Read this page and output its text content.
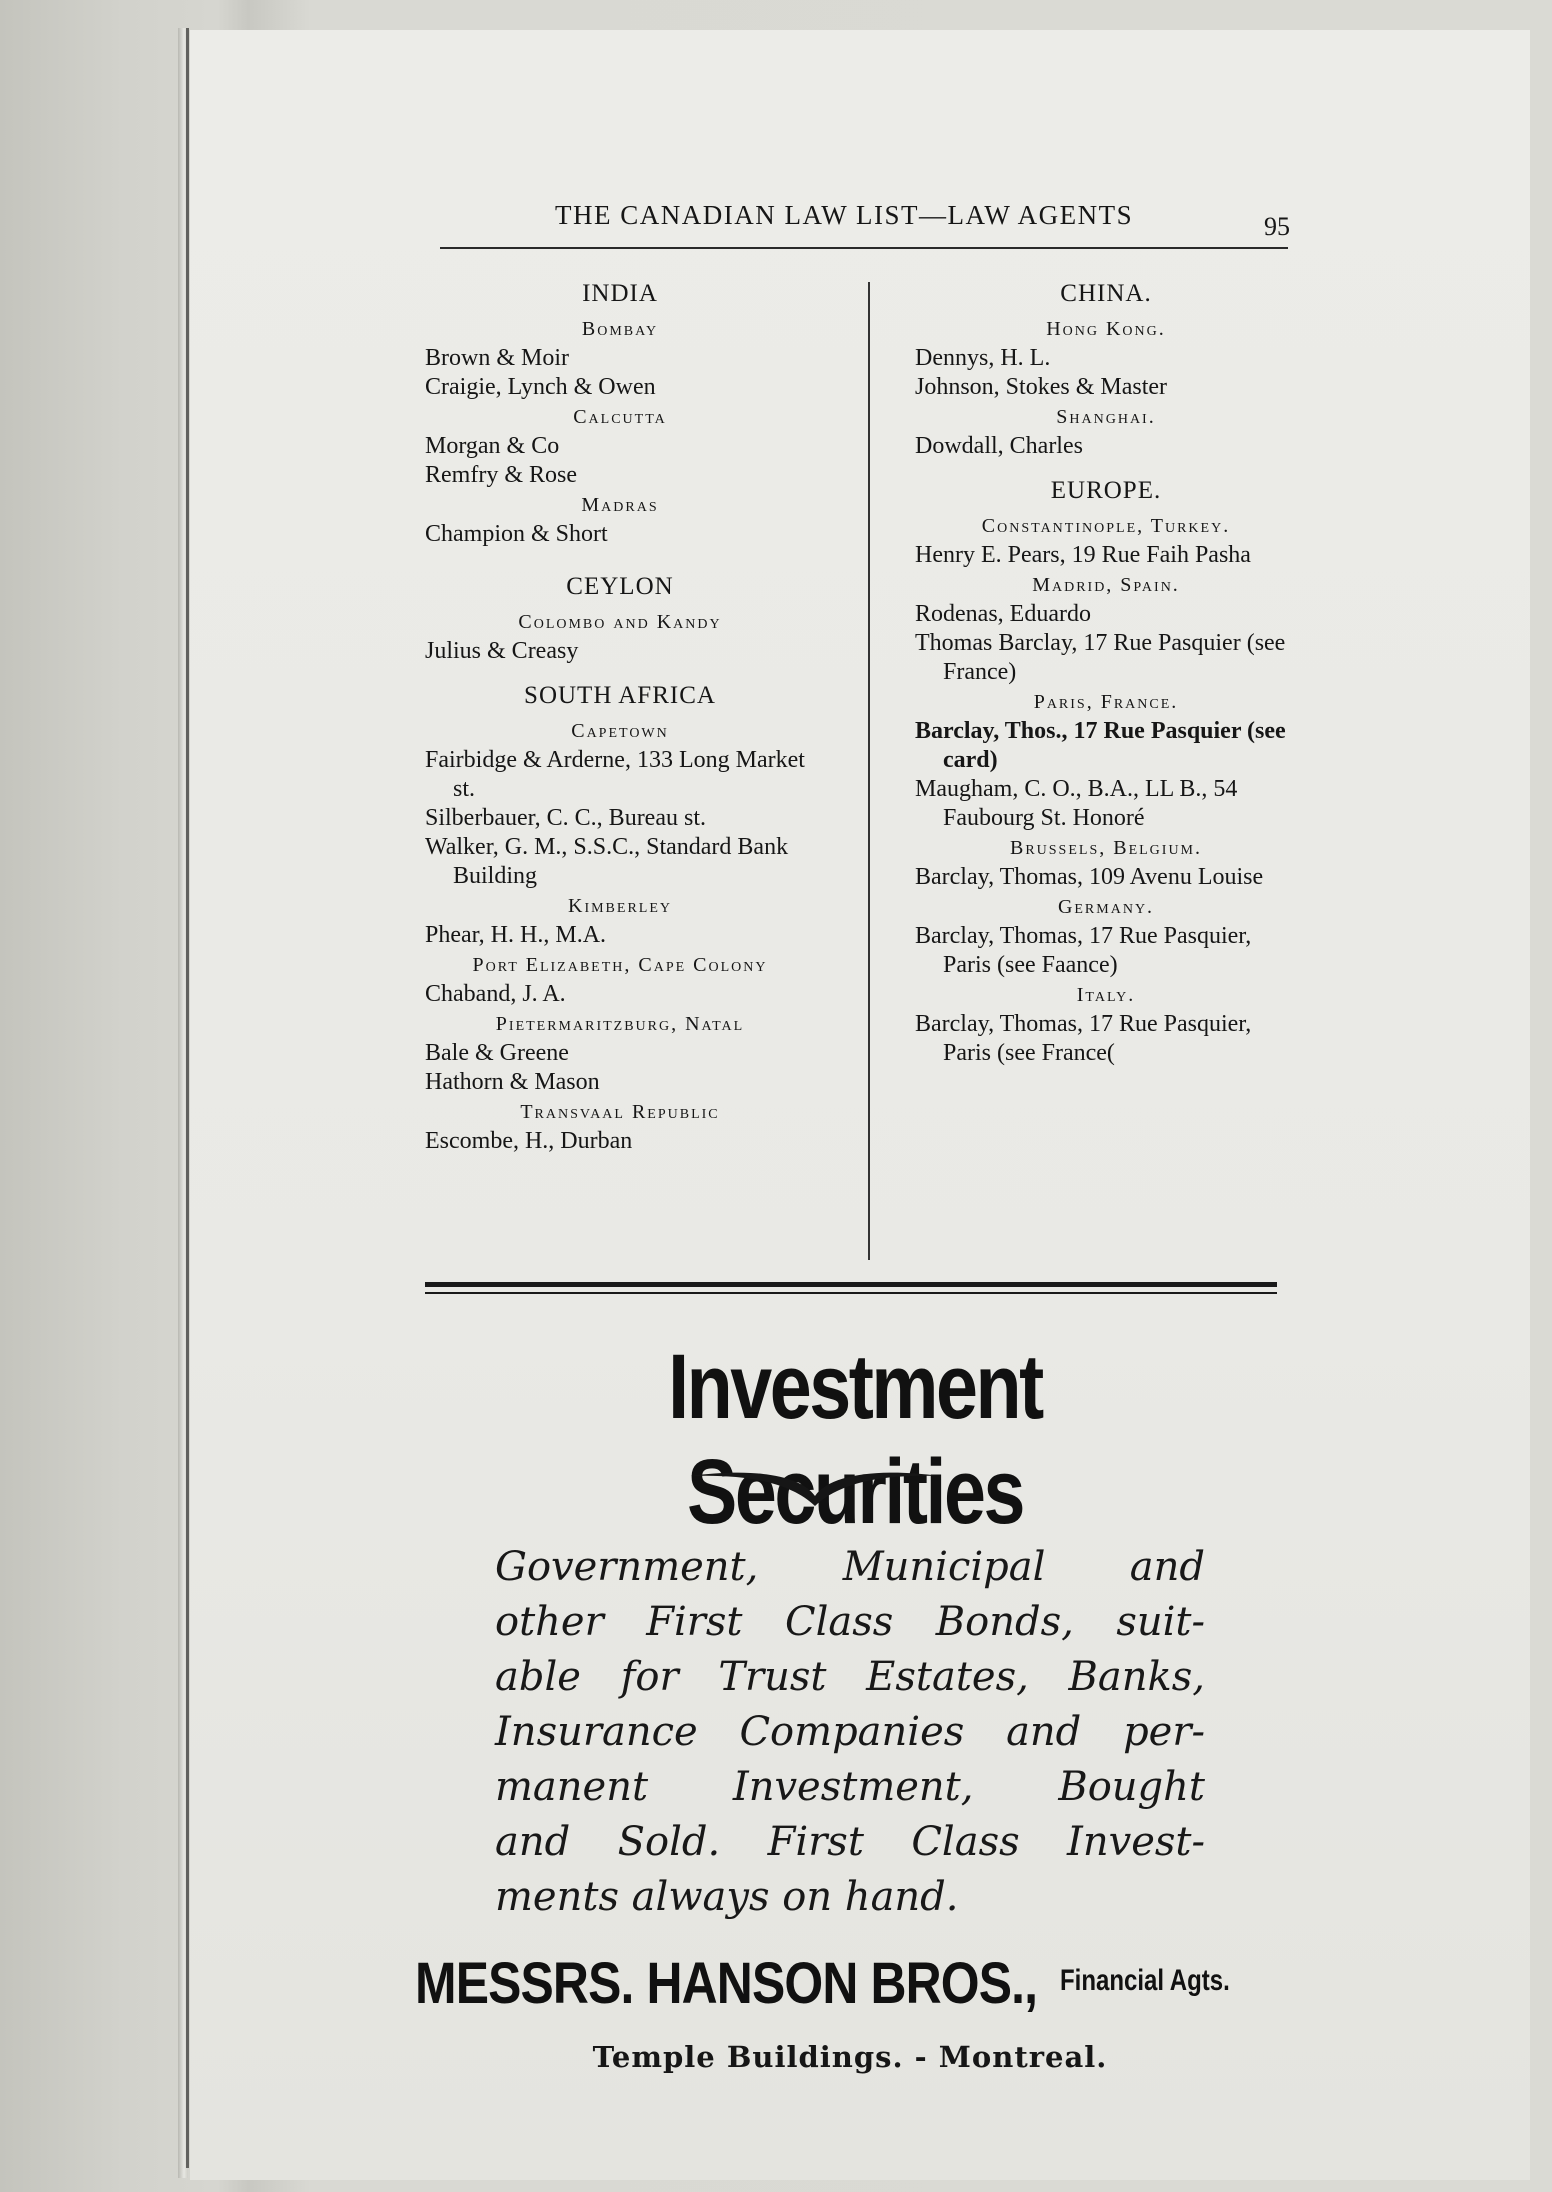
THE CANADIAN LAW LIST—LAW AGENTS	95
INDIA
Bombay
Brown & Moir
Craigie, Lynch & Owen
Calcutta
Morgan & Co
Remfry & Rose
Madras
Champion & Short
CEYLON
Colombo and Kandy
Julius & Creasy
SOUTH AFRICA
Capetown
Fairbidge & Arderne, 133 Long Market st.
Silberbauer, C. C., Bureau st.
Walker, G. M., S.S.C., Standard Bank Building
Kimberley
Phear, H. H., M.A.
Port Elizabeth, Cape Colony
Chaband, J. A.
Pietermaritzburg, Natal
Bale & Greene
Hathorn & Mason
Transvaal Republic
Escombe, H., Durban
CHINA.
Hong Kong.
Dennys, H. L.
Johnson, Stokes & Master
Shanghai.
Dowdall, Charles
EUROPE.
Constantinople, Turkey.
Henry E. Pears, 19 Rue Faih Pasha
Madrid, Spain.
Rodenas, Eduardo
Thomas Barclay, 17 Rue Pasquier (see France)
Paris, France.
Barclay, Thos., 17 Rue Pasquier (see card)
Maugham, C. O., B.A., LL B., 54 Faubourg St. Honoré
Brussels, Belgium.
Barclay, Thomas, 109 Avenu Louise
Germany.
Barclay, Thomas, 17 Rue Pasquier, Paris (see Faance)
Italy.
Barclay, Thomas, 17 Rue Pasquier, Paris (see France(
Investment Securities
Government, Municipal and
other First Class Bonds, suit-
able for Trust Estates, Banks,
Insurance Companies and per-
manent Investment, Bought
and Sold. First Class Invest-
ments always on hand.
MESSRS. HANSON BROS., Financial Agts.
Temple Buildings. - Montreal.
